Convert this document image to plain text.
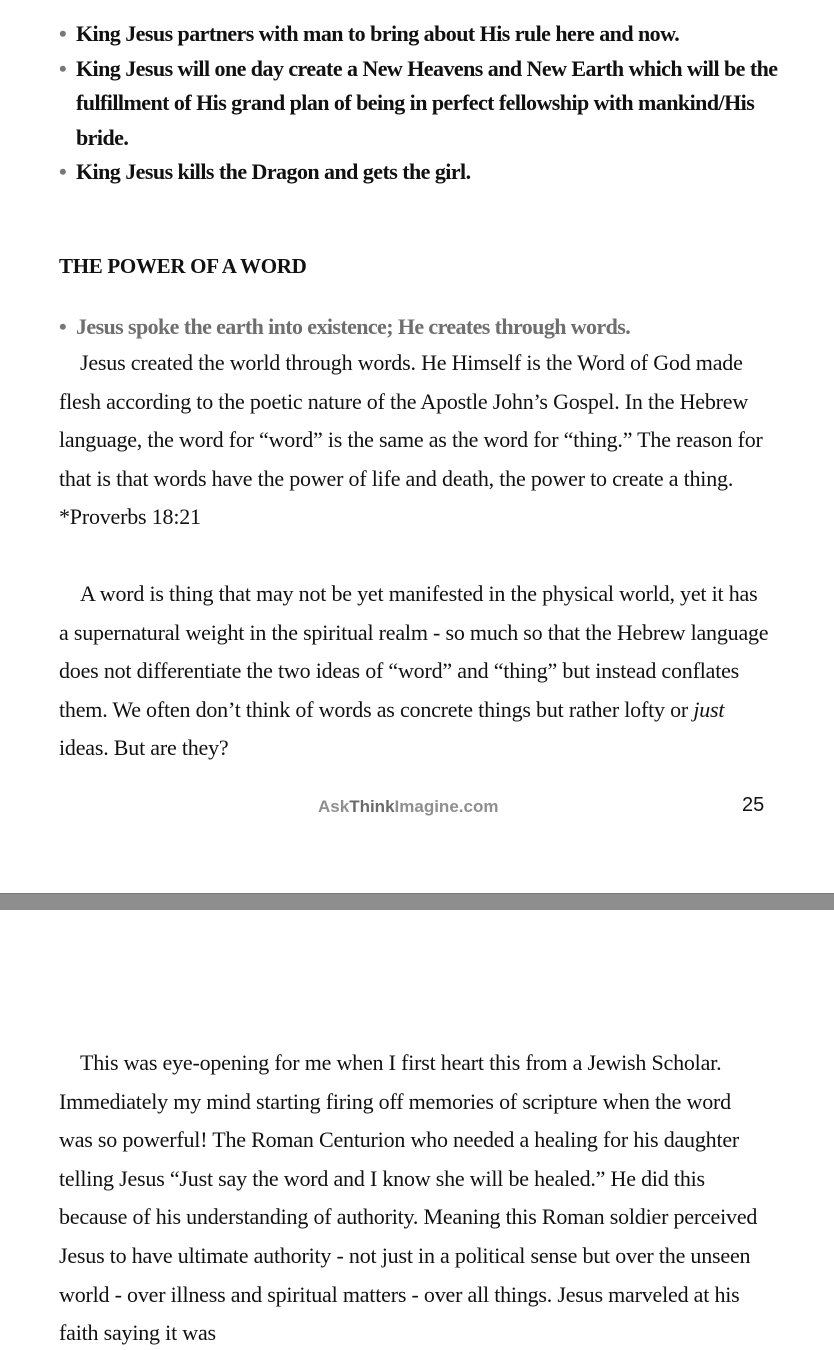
• King Jesus partners with man to bring about His rule here and now.
• King Jesus will one day create a New Heavens and New Earth which will be the fulfillment of His grand plan of being in perfect fellowship with mankind/His bride.
• King Jesus kills the Dragon and gets the girl.
THE POWER OF A WORD
• Jesus spoke the earth into existence; He creates through words.

Jesus created the world through words. He Himself is the Word of God made flesh according to the poetic nature of the Apostle John’s Gospel. In the Hebrew language, the word for “word” is the same as the word for “thing.” The reason for that is that words have the power of life and death, the power to create a thing. *Proverbs 18:21

A word is thing that may not be yet manifested in the physical world, yet it has a supernatural weight in the spiritual realm - so much so that the Hebrew language does not differentiate the two ideas of “word” and “thing” but instead conflates them. We often don’t think of words as concrete things but rather lofty or just ideas. But are they?

AskThinkImagine.com	25

This was eye-opening for me when I first heart this from a Jewish Scholar. Immediately my mind starting firing off memories of scripture when the word was so powerful! The Roman Centurion who needed a healing for his daughter telling Jesus “Just say the word and I know she will be healed.” He did this because of his understanding of authority. Meaning this Roman soldier perceived Jesus to have ultimate authority - not just in a political sense but over the unseen world - over illness and spiritual matters - over all things. Jesus marveled at his faith saying it was
